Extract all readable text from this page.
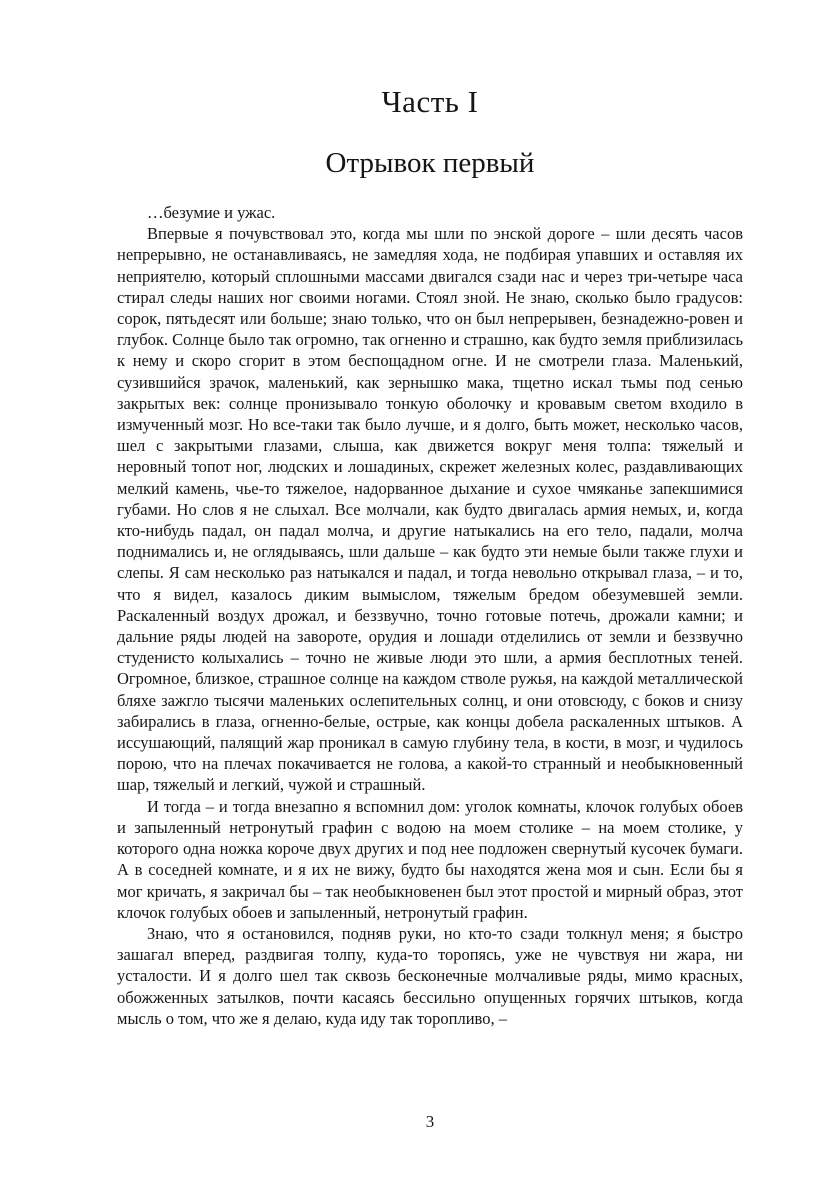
Часть I
Отрывок первый

…безумие и ужас.

Впервые я почувствовал это, когда мы шли по энской дороге – шли десять часов непрерывно, не останавливаясь, не замедляя хода, не подбирая упавших и оставляя их неприятелю, который сплошными массами двигался сзади нас и через три-четыре часа стирал следы наших ног своими ногами. Стоял зной. Не знаю, сколько было градусов: сорок, пятьдесят или больше; знаю только, что он был непрерывен, безнадежно-ровен и глубок. Солнце было так огромно, так огненно и страшно, как будто земля приблизилась к нему и скоро сгорит в этом беспощадном огне. И не смотрели глаза. Маленький, сузившийся зрачок, маленький, как зернышко мака, тщетно искал тьмы под сенью закрытых век: солнце пронизывало тонкую оболочку и кровавым светом входило в измученный мозг. Но все-таки так было лучше, и я долго, быть может, несколько часов, шел с закрытыми глазами, слыша, как движется вокруг меня толпа: тяжелый и неровный топот ног, людских и лошадиных, скрежет железных колес, раздавливающих мелкий камень, чье-то тяжелое, надорванное дыхание и сухое чмяканье запекшимися губами. Но слов я не слыхал. Все молчали, как будто двигалась армия немых, и, когда кто-нибудь падал, он падал молча, и другие натыкались на его тело, падали, молча поднимались и, не оглядываясь, шли дальше – как будто эти немые были также глухи и слепы. Я сам несколько раз натыкался и падал, и тогда невольно открывал глаза, – и то, что я видел, казалось диким вымыслом, тяжелым бредом обезумевшей земли. Раскаленный воздух дрожал, и беззвучно, точно готовые потечь, дрожали камни; и дальние ряды людей на завороте, орудия и лошади отделились от земли и беззвучно студенисто колыхались – точно не живые люди это шли, а армия бесплотных теней. Огромное, близкое, страшное солнце на каждом стволе ружья, на каждой металлической бляхе зажгло тысячи маленьких ослепительных солнц, и они отовсюду, с боков и снизу забирались в глаза, огненно-белые, острые, как концы добела раскаленных штыков. А иссушающий, палящий жар проникал в самую глубину тела, в кости, в мозг, и чудилось порою, что на плечах покачивается не голова, а какой-то странный и необыкновенный шар, тяжелый и легкий, чужой и страшный.

И тогда – и тогда внезапно я вспомнил дом: уголок комнаты, клочок голубых обоев и запыленный нетронутый графин с водою на моем столике – на моем столике, у которого одна ножка короче двух других и под нее подложен свернутый кусочек бумаги. А в соседней комнате, и я их не вижу, будто бы находятся жена моя и сын. Если бы я мог кричать, я закричал бы – так необыкновенен был этот простой и мирный образ, этот клочок голубых обоев и запыленный, нетронутый графин.

Знаю, что я остановился, подняв руки, но кто-то сзади толкнул меня; я быстро зашагал вперед, раздвигая толпу, куда-то торопясь, уже не чувствуя ни жара, ни усталости. И я долго шел так сквозь бесконечные молчаливые ряды, мимо красных, обожженных затылков, почти касаясь бессильно опущенных горячих штыков, когда мысль о том, что же я делаю, куда иду так торопливо, –

3
